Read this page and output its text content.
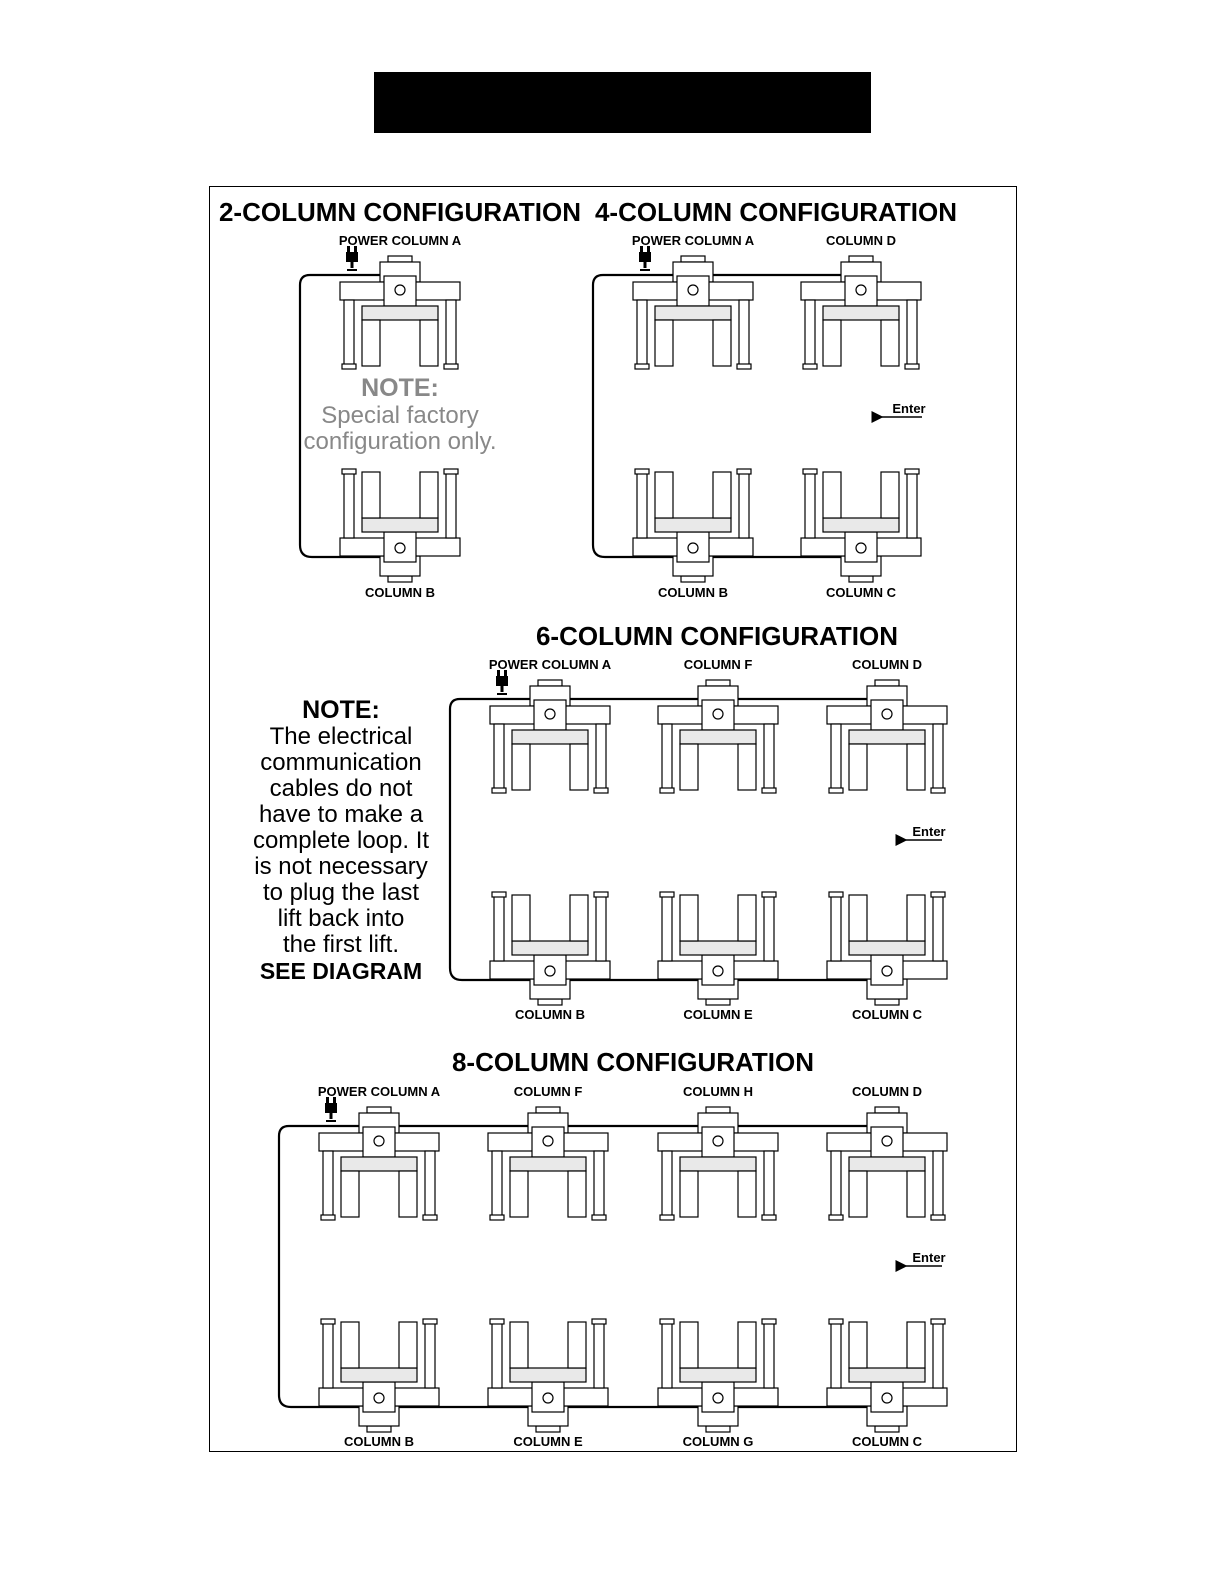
2-COLUMN CONFIGURATION
POWER COLUMN A
COLUMN B
NOTE:
Special factory
configuration only.
4-COLUMN CONFIGURATION
POWER COLUMN A	COLUMN D
COLUMN B	COLUMN C
Enter
6-COLUMN CONFIGURATION
POWER COLUMN A	COLUMN F	COLUMN D
COLUMN B	COLUMN E	COLUMN C
Enter
NOTE:
The electrical
communication
cables do not
have to make a
complete loop. It
is not necessary
to plug the last
lift back into
the first lift.
SEE DIAGRAM
8-COLUMN CONFIGURATION
POWER COLUMN A	COLUMN F	COLUMN H	COLUMN D
COLUMN B	COLUMN E	COLUMN G	COLUMN C
Enter
